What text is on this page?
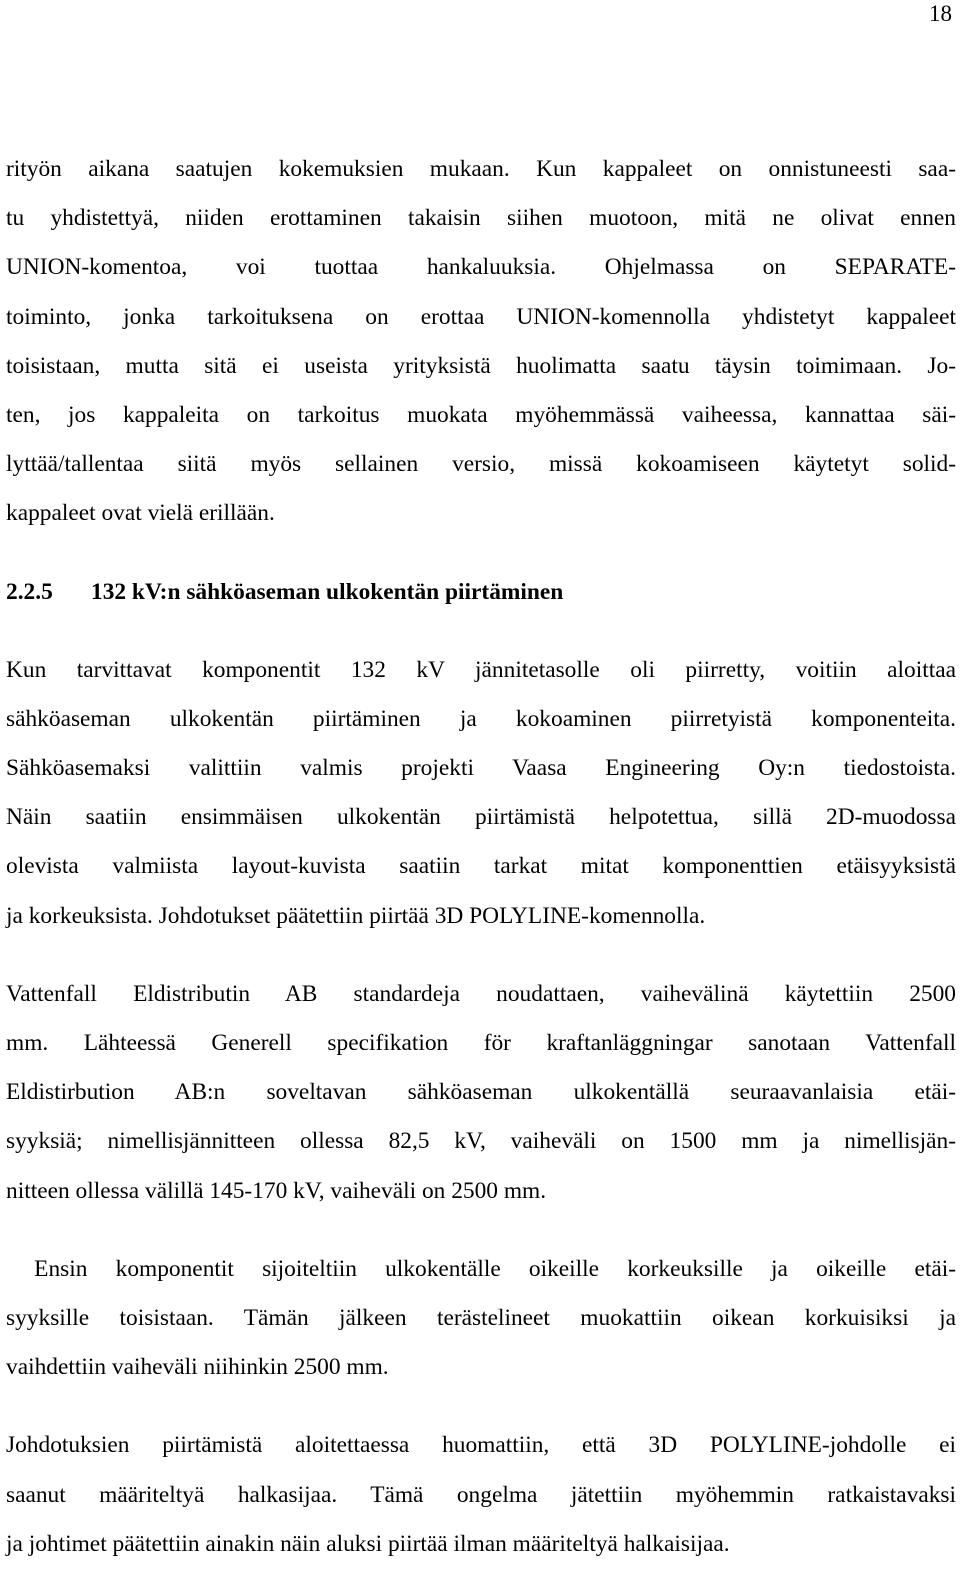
18
rityön aikana saatujen kokemuksien mukaan. Kun kappaleet on onnistuneesti saa-
tu yhdistettyä, niiden erottaminen takaisin siihen muotoon, mitä ne olivat ennen
UNION-komentoa, voi tuottaa hankaluuksia. Ohjelmassa on SEPARATE-
toiminto, jonka tarkoituksena on erottaa UNION-komennolla yhdistetyt kappaleet
toisistaan, mutta sitä ei useista yrityksistä huolimatta saatu täysin toimimaan. Jo-
ten, jos kappaleita on tarkoitus muokata myöhemmässä vaiheessa, kannattaa säi-
lyttää/tallentaa siitä myös sellainen versio, missä kokoamiseen käytetyt solid-
kappaleet ovat vielä erillään.
2.2.5 132 kV:n sähköaseman ulkokentän piirtäminen
Kun tarvittavat komponentit 132 kV jännitetasolle oli piirretty, voitiin aloittaa
sähköaseman ulkokentän piirtäminen ja kokoaminen piirretyistä komponenteita.
Sähköasemaksi valittiin valmis projekti Vaasa Engineering Oy:n tiedostoista.
Näin saatiin ensimmäisen ulkokentän piirtämistä helpotettua, sillä 2D-muodossa
olevista valmiista layout-kuvista saatiin tarkat mitat komponenttien etäisyyksistä
ja korkeuksista. Johdotukset päätettiin piirtää 3D POLYLINE-komennolla.
Vattenfall Eldistributin AB standardeja noudattaen, vaihevälinä käytettiin 2500
mm. Lähteessä Generell specifikation för kraftanläggningar sanotaan Vattenfall
Eldistirbution AB:n soveltavan sähköaseman ulkokentällä seuraavanlaisia etäi-
syyksiä; nimellisjännitteen ollessa 82,5 kV, vaiheväli on 1500 mm ja nimellisjän-
nitteen ollessa välillä 145-170 kV, vaiheväli on 2500 mm.
Ensin komponentit sijoiteltiin ulkokentälle oikeille korkeuksille ja oikeille etäi-
syyksille toisistaan. Tämän jälkeen terästelineet muokattiin oikean korkuisiksi ja
vaihdettiin vaiheväli niihinkin 2500 mm.
Johdotuksien piirtämistä aloitettaessa huomattiin, että 3D POLYLINE-johdolle ei
saanut määriteltyä halkasijaa. Tämä ongelma jätettiin myöhemmin ratkaistavaksi
ja johtimet päätettiin ainakin näin aluksi piirtää ilman määriteltyä halkaisijaa.
